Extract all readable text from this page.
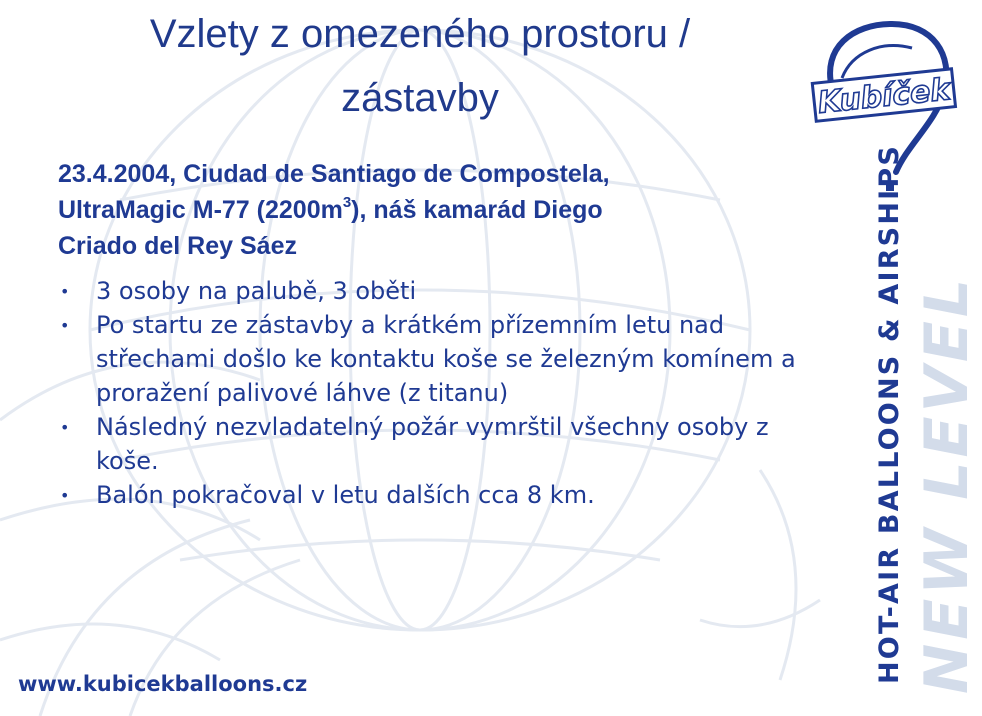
Vzlety z omezeného prostoru /
zástavby

23.4.2004, Ciudad de Santiago de Compostela,
UltraMagic M-77 $(2200m^3)$, náš kamarád Diego
Criado del Rey Sáez

• 3 osoby na palubě, 3 oběti
• Po startu ze zástavby a krátkém přízemním letu nad střechami došlo ke kontaktu koše se železným komínem a proražení palivové láhve (z titanu)
• Následný nezvladatelný požár vymrštil všechny osoby z koše.
• Balón pokračoval v letu dalších cca 8 km.
Kubíček
NEW LEVEL
HOT-AIR BALLOONS & AIRSHIPS
www.kubicekballoons.cz
